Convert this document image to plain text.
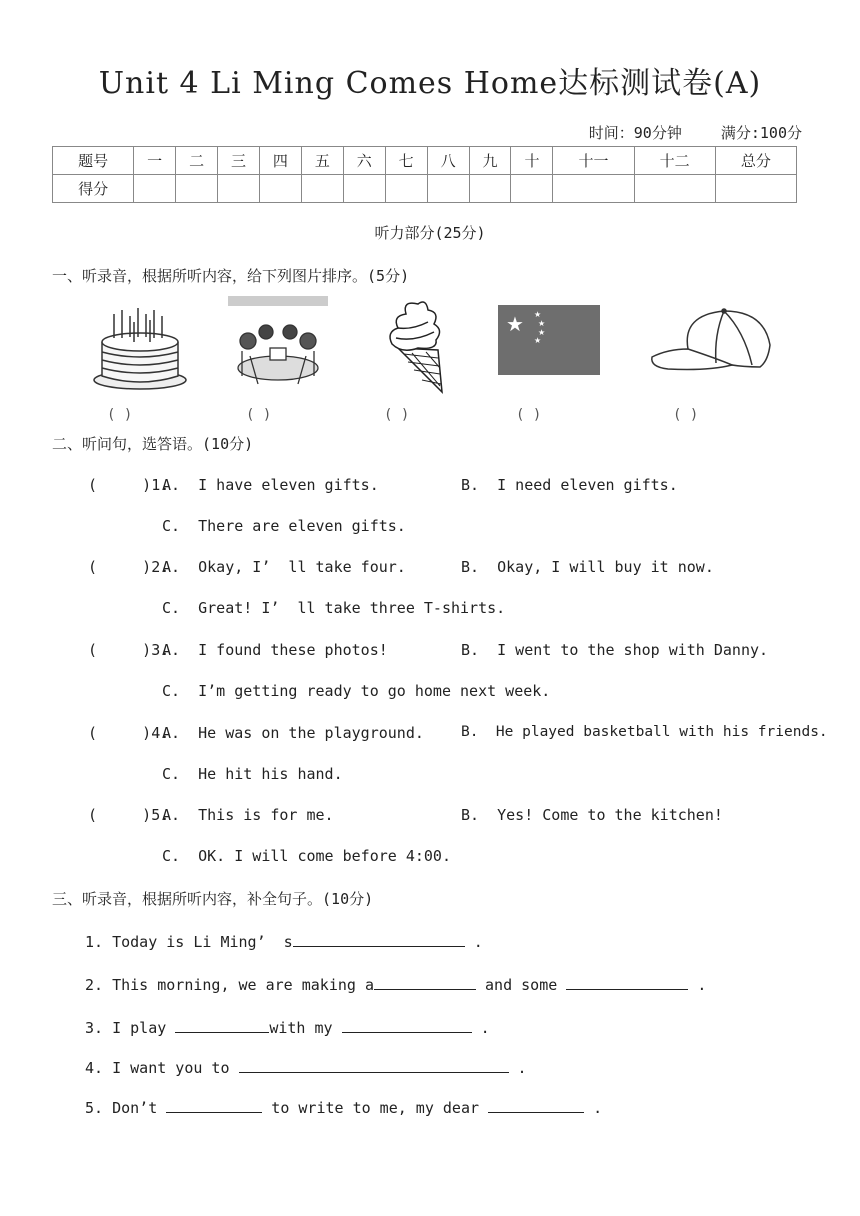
Unit 4 Li Ming Comes Home达标测试卷(A)
时间：90分钟	满分:100分
题号	一	二	三	四	五	六	七	八	九	十	十一	十二	总分
得分													
听力部分(25分)
一、听录音，根据所听内容，给下列图片排序。(5分)
★ ★
★
★
★
( )	( )	( )	( )	( )
二、听问句，选答语。(10分)
(     )1.
A.  I have eleven gifts.	B.  I need eleven gifts.
C.  There are eleven gifts.
(     )2.
A.  Okay, I’  ll take four.	B.  Okay, I will buy it now.
C.  Great! I’  ll take three T-shirts.
(     )3.
A.  I found these photos!	B.  I went to the shop with Danny.
C.  I’m getting ready to go home next week.
(     )4.
A.  He was on the playground.	B.  He played basketball with his friends.
C.  He hit his hand.
(     )5.
A.  This is for me.	B.  Yes! Come to the kitchen!
C.  OK. I will come before 4:00.
三、听录音，根据所听内容，补全句子。(10分)
1. Today is Li Ming’  s	.
2. This morning, we are making a	and some	.
3. I play	with my	.
4. I want you to	.
5. Don’t	to write to me, my dear	.
